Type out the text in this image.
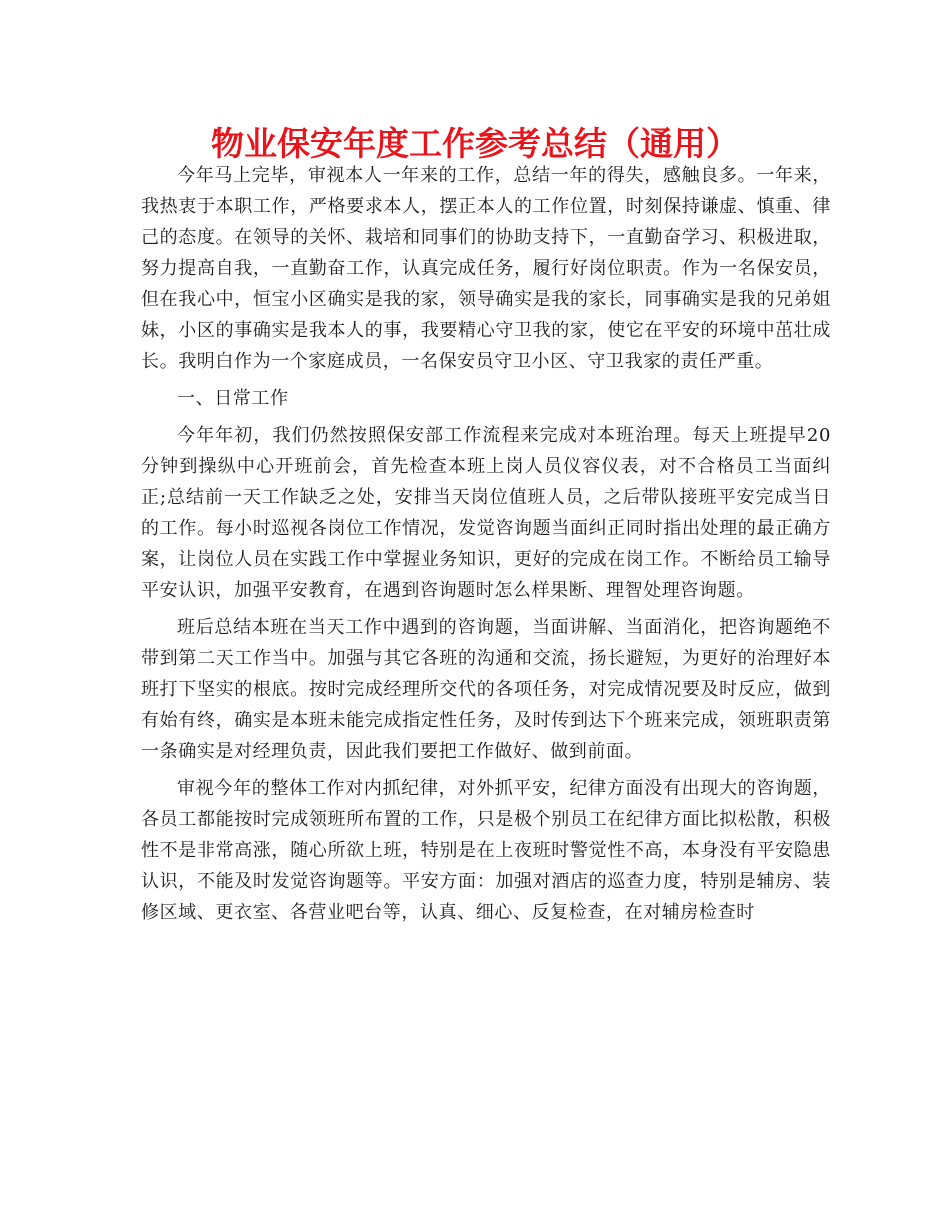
物业保安年度工作参考总结（通用）

今年马上完毕，审视本人一年来的工作，总结一年的得失，感触良多。一年来，我热衷于本职工作，严格要求本人，摆正本人的工作位置，时刻保持谦虚、慎重、律己的态度。在领导的关怀、栽培和同事们的协助支持下，一直勤奋学习、积极进取，努力提高自我，一直勤奋工作，认真完成任务，履行好岗位职责。作为一名保安员，但在我心中，恒宝小区确实是我的家，领导确实是我的家长，同事确实是我的兄弟姐妹，小区的事确实是我本人的事，我要精心守卫我的家，使它在平安的环境中茁壮成长。我明白作为一个家庭成员，一名保安员守卫小区、守卫我家的责任严重。

一、日常工作

今年年初，我们仍然按照保安部工作流程来完成对本班治理。每天上班提早20分钟到操纵中心开班前会，首先检查本班上岗人员仪容仪表，对不合格员工当面纠正;总结前一天工作缺乏之处，安排当天岗位值班人员，之后带队接班平安完成当日的工作。每小时巡视各岗位工作情况，发觉咨询题当面纠正同时指出处理的最正确方案，让岗位人员在实践工作中掌握业务知识，更好的完成在岗工作。不断给员工输导平安认识，加强平安教育，在遇到咨询题时怎么样果断、理智处理咨询题。

班后总结本班在当天工作中遇到的咨询题，当面讲解、当面消化，把咨询题绝不带到第二天工作当中。加强与其它各班的沟通和交流，扬长避短，为更好的治理好本班打下坚实的根底。按时完成经理所交代的各项任务，对完成情况要及时反应，做到有始有终，确实是本班未能完成指定性任务，及时传到达下个班来完成，领班职责第一条确实是对经理负责，因此我们要把工作做好、做到前面。

审视今年的整体工作对内抓纪律，对外抓平安，纪律方面没有出现大的咨询题，各员工都能按时完成领班所布置的工作，只是极个别员工在纪律方面比拟松散，积极性不是非常高涨，随心所欲上班，特别是在上夜班时警觉性不高，本身没有平安隐患认识，不能及时发觉咨询题等。平安方面：加强对酒店的巡查力度，特别是辅房、装修区域、更衣室、各营业吧台等，认真、细心、反复检查，在对辅房检查时
